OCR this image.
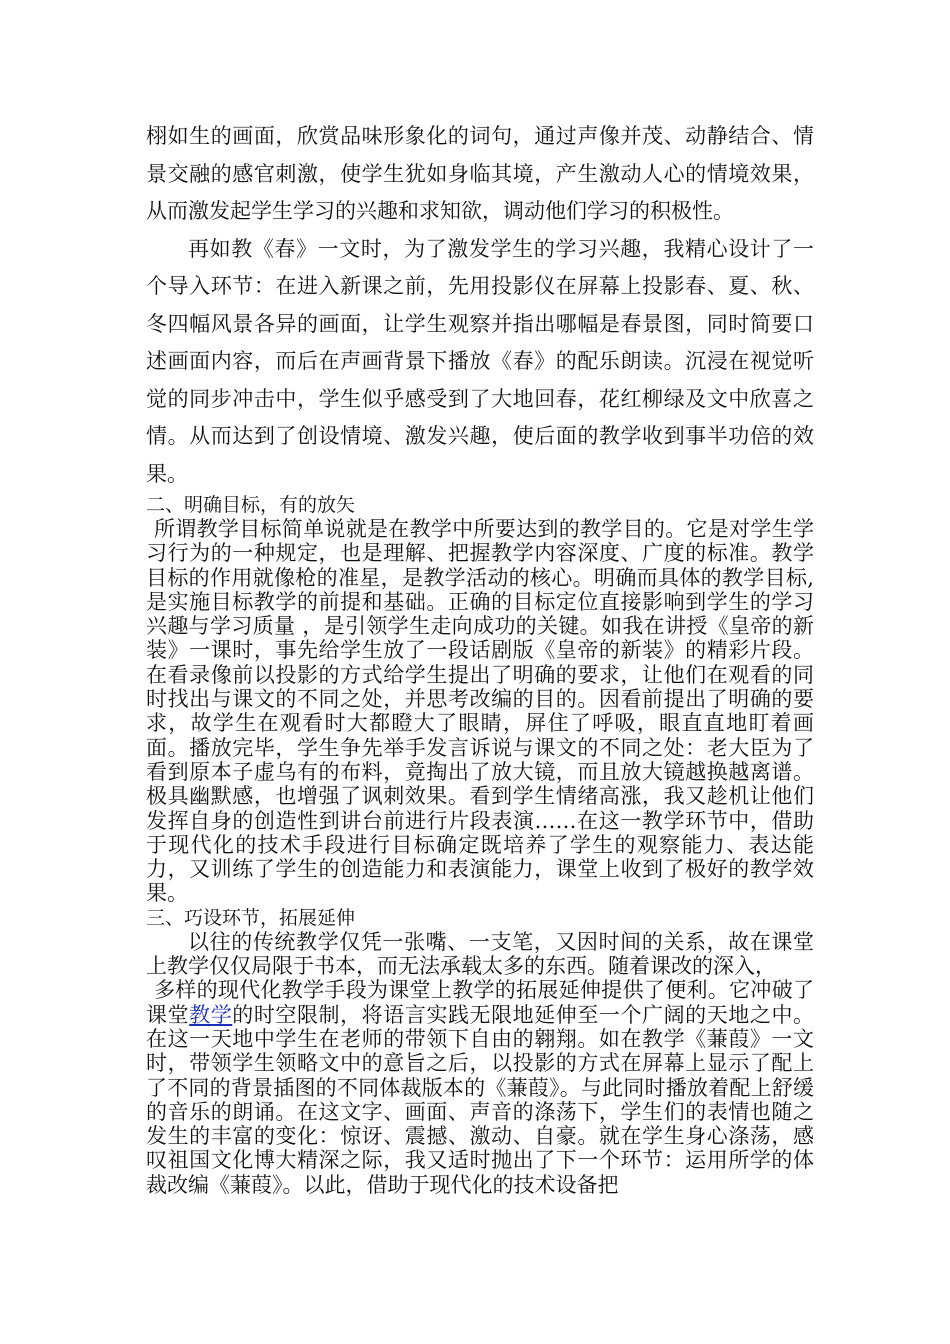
栩如生的画面，欣赏品味形象化的词句，通过声像并茂、动静结合、情景交融的感官刺激，使学生犹如身临其境，产生激动人心的情境效果，从而激发起学生学习的兴趣和求知欲，调动他们学习的积极性。

再如教《春》一文时，为了激发学生的学习兴趣，我精心设计了一个导入环节：在进入新课之前，先用投影仪在屏幕上投影春、夏、秋、冬四幅风景各异的画面，让学生观察并指出哪幅是春景图，同时简要口述画面内容，而后在声画背景下播放《春》的配乐朗读。沉浸在视觉听觉的同步冲击中，学生似乎感受到了大地回春，花红柳绿及文中欣喜之情。从而达到了创设情境、激发兴趣，使后面的教学收到事半功倍的效果。

二、明确目标，有的放矢

所谓教学目标简单说就是在教学中所要达到的教学目的。它是对学生学习行为的一种规定，也是理解、把握教学内容深度、广度的标准。教学目标的作用就像枪的准星，是教学活动的核心。明确而具体的教学目标, 是实施目标教学的前提和基础。正确的目标定位直接影响到学生的学习兴趣与学习质量 ，是引领学生走向成功的关键。如我在讲授《皇帝的新装》一课时，事先给学生放了一段话剧版《皇帝的新装》的精彩片段。在看录像前以投影的方式给学生提出了明确的要求，让他们在观看的同时找出与课文的不同之处，并思考改编的目的。因看前提出了明确的要求，故学生在观看时大都瞪大了眼睛，屏住了呼吸，眼直直地盯着画面。播放完毕，学生争先举手发言诉说与课文的不同之处：老大臣为了看到原本子虚乌有的布料，竟掏出了放大镜，而且放大镜越换越离谱。极具幽默感，也增强了讽刺效果。看到学生情绪高涨，我又趁机让他们发挥自身的创造性到讲台前进行片段表演……在这一教学环节中，借助于现代化的技术手段进行目标确定既培养了学生的观察能力、表达能力，又训练了学生的创造能力和表演能力，课堂上收到了极好的教学效果。

三、巧设环节，拓展延伸

以往的传统教学仅凭一张嘴、一支笔，又因时间的关系，故在课堂上教学仅仅局限于书本，而无法承载太多的东西。随着课改的深入，

多样的现代化教学手段为课堂上教学的拓展延伸提供了便利。它冲破了课堂教学的时空限制，将语言实践无限地延伸至一个广阔的天地之中。在这一天地中学生在老师的带领下自由的翱翔。如在教学《蒹葭》一文时，带领学生领略文中的意旨之后，以投影的方式在屏幕上显示了配上了不同的背景插图的不同体裁版本的《蒹葭》。与此同时播放着配上舒缓的音乐的朗诵。在这文字、画面、声音的涤荡下，学生们的表情也随之发生的丰富的变化：惊讶、震撼、激动、自豪。就在学生身心涤荡，感叹祖国文化博大精深之际，我又适时抛出了下一个环节：运用所学的体裁改编《蒹葭》。以此，借助于现代化的技术设备把
